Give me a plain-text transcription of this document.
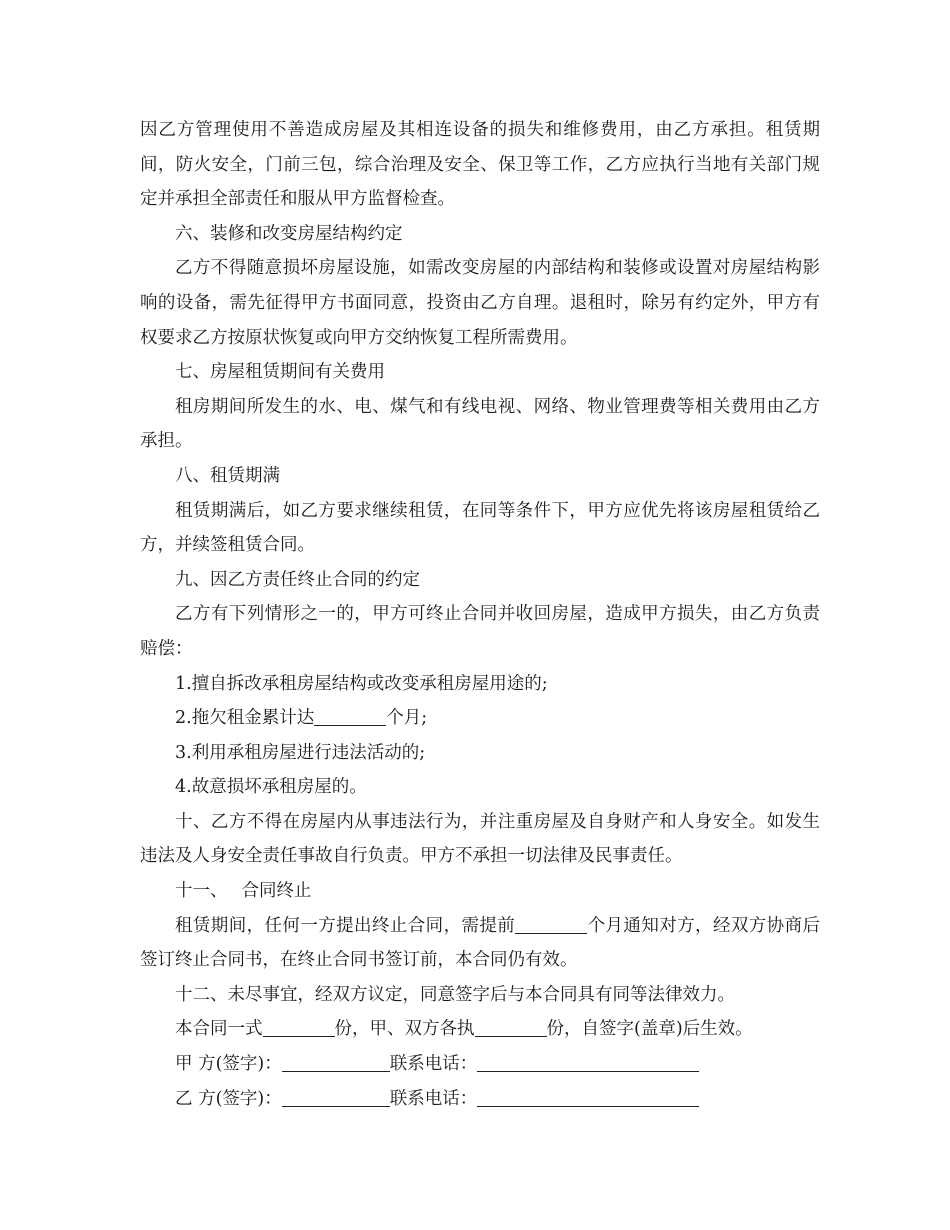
因乙方管理使用不善造成房屋及其相连设备的损失和维修费用，由乙方承担。租赁期间，防火安全，门前三包，综合治理及安全、保卫等工作，乙方应执行当地有关部门规定并承担全部责任和服从甲方监督检查。

六、装修和改变房屋结构约定

乙方不得随意损坏房屋设施，如需改变房屋的内部结构和装修或设置对房屋结构影响的设备，需先征得甲方书面同意，投资由乙方自理。退租时，除另有约定外，甲方有权要求乙方按原状恢复或向甲方交纳恢复工程所需费用。

七、房屋租赁期间有关费用

租房期间所发生的水、电、煤气和有线电视、网络、物业管理费等相关费用由乙方承担。

八、租赁期满

租赁期满后，如乙方要求继续租赁，在同等条件下，甲方应优先将该房屋租赁给乙方，并续签租赁合同。

九、因乙方责任终止合同的约定

乙方有下列情形之一的，甲方可终止合同并收回房屋，造成甲方损失，由乙方负责赔偿：

1.擅自拆改承租房屋结构或改变承租房屋用途的;

2.拖欠租金累计达	个月;

3.利用承租房屋进行违法活动的;

4.故意损坏承租房屋的。

十、乙方不得在房屋内从事违法行为，并注重房屋及自身财产和人身安全。如发生违法及人身安全责任事故自行负责。甲方不承担一切法律及民事责任。

十一、 合同终止

租赁期间，任何一方提出终止合同，需提前	个月通知对方，经双方协商后签订终止合同书，在终止合同书签订前，本合同仍有效。

十二、未尽事宜，经双方议定，同意签字后与本合同具有同等法律效力。

本合同一式	份，甲、双方各执	份，自签字(盖章)后生效。

甲 方(签字)：	联系电话：

乙 方(签字)：	联系电话：
